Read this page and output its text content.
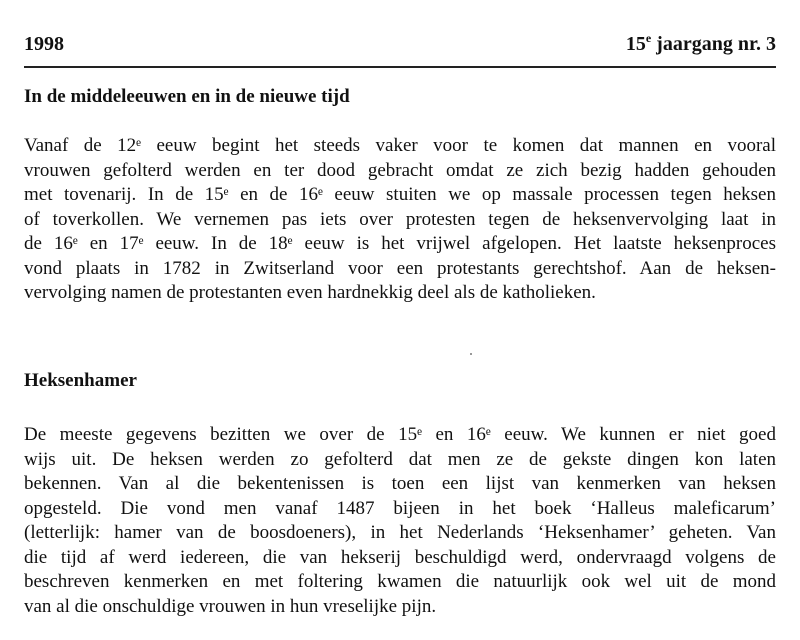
1998	15e jaargang nr. 3
In de middeleeuwen en in de nieuwe tijd

Vanaf de 12ᵉ eeuw begint het steeds vaker voor te komen dat mannen en vooral
vrouwen gefolterd werden en ter dood gebracht omdat ze zich bezig hadden gehouden
met tovenarij. In de 15ᵉ en de 16ᵉ eeuw stuiten we op massale processen tegen heksen
of toverkollen. We vernemen pas iets over protesten tegen de heksenvervolging laat in
de 16ᵉ en 17ᵉ eeuw. In de 18ᵉ eeuw is het vrijwel afgelopen. Het laatste heksenproces
vond plaats in 1782 in Zwitserland voor een protestants gerechtshof. Aan de heksen-
vervolging namen de protestanten even hardnekkig deel als de katholieken.

Heksenhamer

De meeste gegevens bezitten we over de 15ᵉ en 16ᵉ eeuw. We kunnen er niet goed
wijs uit. De heksen werden zo gefolterd dat men ze de gekste dingen kon laten
bekennen. Van al die bekentenissen is toen een lijst van kenmerken van heksen
opgesteld. Die vond men vanaf 1487 bijeen in het boek ‘Halleus maleficarum’
(letterlijk: hamer van de boosdoeners), in het Nederlands ‘Heksenhamer’ geheten. Van
die tijd af werd iedereen, die van hekserij beschuldigd werd, ondervraagd volgens de
beschreven kenmerken en met foltering kwamen die natuurlijk ook wel uit de mond
van al die onschuldige vrouwen in hun vreselijke pijn.
